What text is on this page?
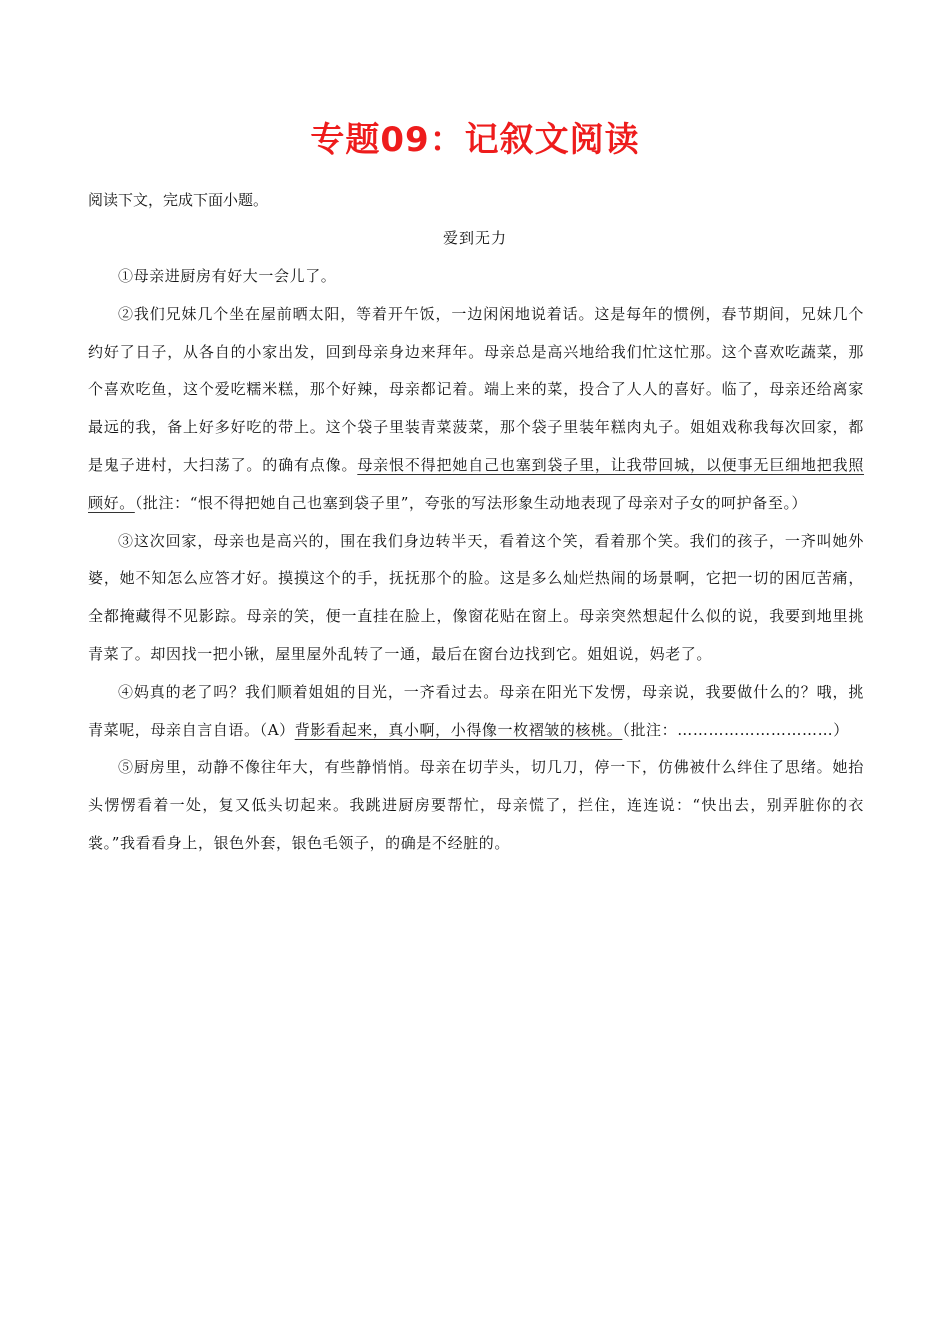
专题09：记叙文阅读
阅读下文，完成下面小题。
爱到无力

①母亲进厨房有好大一会儿了。

②我们兄妹几个坐在屋前晒太阳，等着开午饭，一边闲闲地说着话。这是每年的惯例，春节期间，兄妹几个约好了日子，从各自的小家出发，回到母亲身边来拜年。母亲总是高兴地给我们忙这忙那。这个喜欢吃蔬菜，那个喜欢吃鱼，这个爱吃糯米糕，那个好辣，母亲都记着。端上来的菜，投合了人人的喜好。临了，母亲还给离家最远的我，备上好多好吃的带上。这个袋子里装青菜菠菜，那个袋子里装年糕肉丸子。姐姐戏称我每次回家，都是鬼子进村，大扫荡了。的确有点像。母亲恨不得把她自己也塞到袋子里，让我带回城，以便事无巨细地把我照顾好。（批注：“恨不得把她自己也塞到袋子里”，夸张的写法形象生动地表现了母亲对子女的呵护备至。）

③这次回家，母亲也是高兴的，围在我们身边转半天，看着这个笑，看着那个笑。我们的孩子，一齐叫她外婆，她不知怎么应答才好。摸摸这个的手，抚抚那个的脸。这是多么灿烂热闹的场景啊，它把一切的困厄苦痛，全都掩藏得不见影踪。母亲的笑，便一直挂在脸上，像窗花贴在窗上。母亲突然想起什么似的说，我要到地里挑青菜了。却因找一把小锹，屋里屋外乱转了一通，最后在窗台边找到它。姐姐说，妈老了。

④妈真的老了吗？我们顺着姐姐的目光，一齐看过去。母亲在阳光下发愣，母亲说，我要做什么的？哦，挑青菜呢，母亲自言自语。（A）背影看起来，真小啊，小得像一枚褶皱的核桃。（批注：…………………………）

⑤厨房里，动静不像往年大，有些静悄悄。母亲在切芋头，切几刀，停一下，仿佛被什么绊住了思绪。她抬头愣愣看着一处，复又低头切起来。我跳进厨房要帮忙，母亲慌了，拦住，连连说：“快出去，别弄脏你的衣裳。”我看看身上，银色外套，银色毛领子，的确是不经脏的。
